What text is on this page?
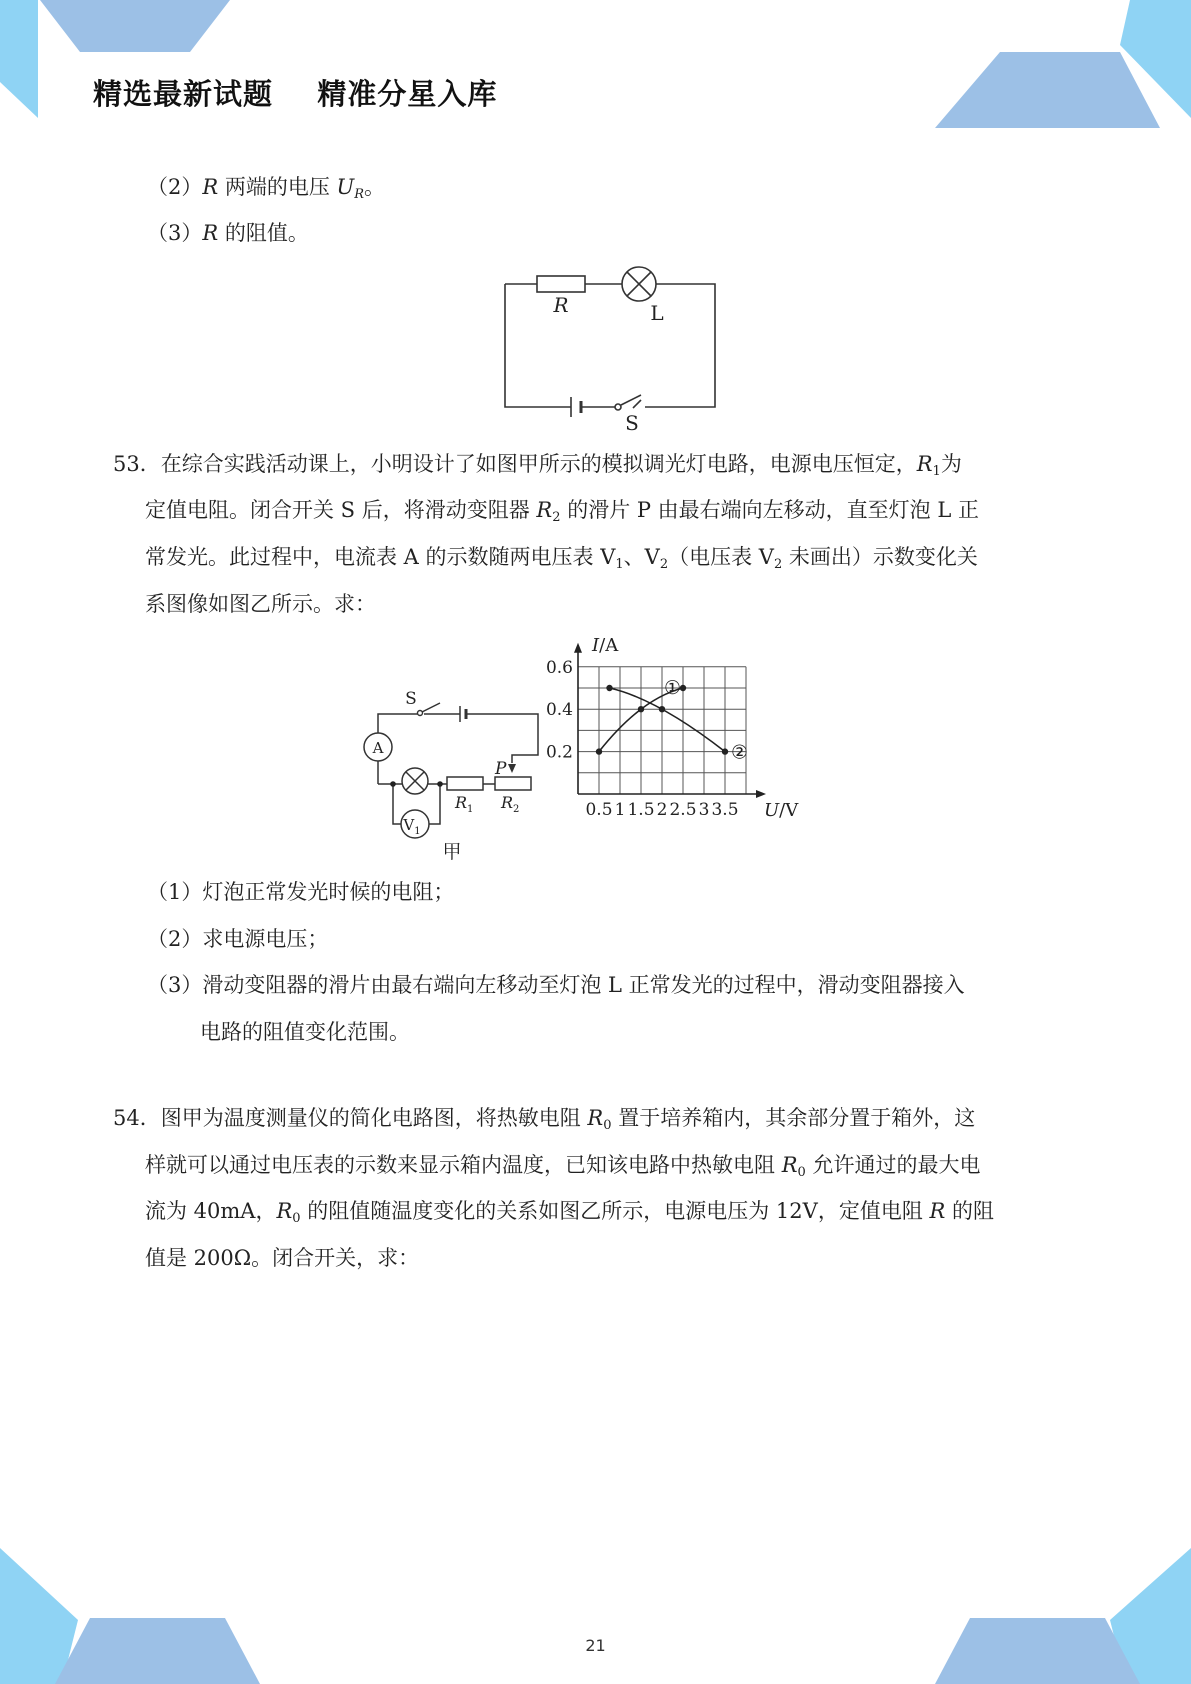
精选最新试题    精准分星入库
（2）R 两端的电压 $U_R$。
（3）R 的阻值。
R	L
S
53．在综合实践活动课上，小明设计了如图甲所示的模拟调光灯电路，电源电压恒定，$R_1$为
定值电阻。闭合开关 S 后，将滑动变阻器 $R_2$ 的滑片 P 由最右端向左移动，直至灯泡 L 正
常发光。此过程中，电流表 A 的示数随两电压表 $V_1$、$V_2$（电压表 $V_2$ 未画出）示数变化关
系图像如图乙所示。求：
S
A
$V_1$
P
$R_1$ $R_2$
甲
0.5 1 1.5 2 2.5 3 3.5
0.2
0.4
0.6
U/V
I/A
①
②
（1）灯泡正常发光时候的电阻；
（2）求电源电压；
（3）滑动变阻器的滑片由最右端向左移动至灯泡 L 正常发光的过程中，滑动变阻器接入
电路的阻值变化范围。
54．图甲为温度测量仪的简化电路图，将热敏电阻 $R_0$ 置于培养箱内，其余部分置于箱外，这
样就可以通过电压表的示数来显示箱内温度，已知该电路中热敏电阻 $R_0$ 允许通过的最大电
流为 40mA，$R_0$ 的阻值随温度变化的关系如图乙所示，电源电压为 12V，定值电阻 R 的阻
值是 200Ω。闭合开关，求：
21
